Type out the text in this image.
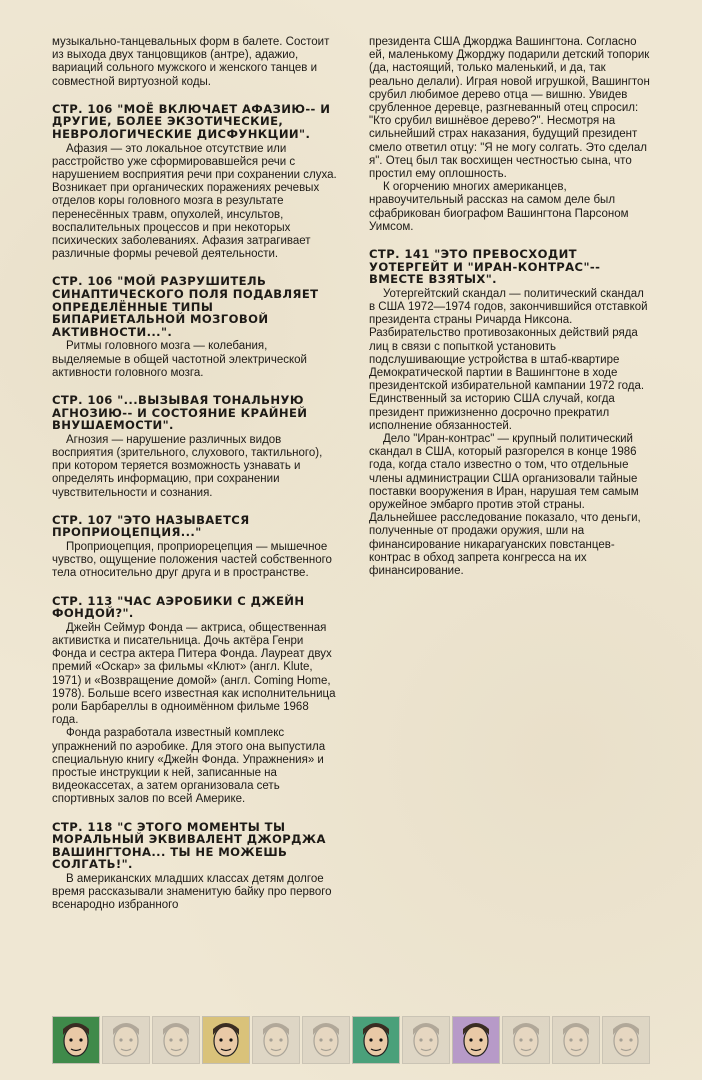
музыкально-танцевальных форм в балете. Состоит из выхода двух танцовщиков (антре), адажио, вариаций сольного мужского и женского танцев и совместной виртуозной коды.

СТР. 106 "МОЁ ВКЛЮЧАЕТ АФАЗИЮ-- И ДРУГИЕ, БОЛЕЕ ЭКЗОТИЧЕСКИЕ, НЕВРОЛОГИЧЕСКИЕ ДИСФУНКЦИИ".

Афазия — это локальное отсутствие или расстройство уже сформировавшейся речи с нарушением восприятия речи при сохранении слуха. Возникает при органических поражениях речевых отделов коры головного мозга в результате перенесённых травм, опухолей, инсультов, воспалительных процессов и при некоторых психических заболеваниях. Афазия затрагивает различные формы речевой деятельности.

СТР. 106 "МОЙ РАЗРУШИТЕЛЬ СИНАПТИЧЕСКОГО ПОЛЯ ПОДАВЛЯЕТ ОПРЕДЕЛЁННЫЕ ТИПЫ БИПАРИЕТАЛЬНОЙ МОЗГОВОЙ АКТИВНОСТИ...".

Ритмы головного мозга — колебания, выделяемые в общей частотной электрической активности головного мозга.

СТР. 106 "...ВЫЗЫВАЯ ТОНАЛЬНУЮ АГНОЗИЮ-- И СОСТОЯНИЕ КРАЙНЕЙ ВНУШАЕМОСТИ".

Агнозия — нарушение различных видов восприятия (зрительного, слухового, тактильного), при котором теряется возможность узнавать и определять информацию, при сохранении чувствительности и сознания.

СТР. 107 "ЭТО НАЗЫВАЕТСЯ ПРОПРИОЦЕПЦИЯ..."

Проприоцепция, проприорецепция — мышечное чувство, ощущение положения частей собственного тела относительно друг друга и в пространстве.

СТР. 113 "ЧАС АЭРОБИКИ С ДЖЕЙН ФОНДОЙ?".

Джейн Сеймур Фонда — актриса, общественная активистка и писательница. Дочь актёра Генри Фонда и сестра актера Питера Фонда. Лауреат двух премий «Оскар» за фильмы «Клют» (англ. Klute, 1971) и «Возвращение домой» (англ. Coming Home, 1978). Больше всего известная как исполнительница роли Барбареллы в одноимённом фильме 1968 года.

Фонда разработала известный комплекс упражнений по аэробике. Для этого она выпустила специальную книгу «Джейн Фонда. Упражнения» и простые инструкции к ней, записанные на видеокассетах, а затем организовала сеть спортивных залов по всей Америке.

СТР. 118 "С ЭТОГО МОМЕНТЫ ТЫ МОРАЛЬНЫЙ ЭКВИВАЛЕНТ ДЖОРДЖА ВАШИНГТОНА... ТЫ НЕ МОЖЕШЬ СОЛГАТЬ!".

В американских младших классах детям долгое время рассказывали знаменитую байку про первого всенародно избранного

президента США Джорджа Вашингтона. Согласно ей, маленькому Джорджу подарили детский топорик (да, настоящий, только маленький, и да, так реально делали). Играя новой игрушкой, Вашингтон срубил любимое дерево отца — вишню. Увидев срубленное деревце, разгневанный отец спросил: "Кто срубил вишнёвое дерево?". Несмотря на сильнейший страх наказания, будущий президент смело ответил отцу: "Я не могу солгать. Это сделал я". Отец был так восхищен честностью сына, что простил ему оплошность.

К огорчению многих американцев, нравоучительный рассказ на самом деле был сфабрикован биографом Вашингтона Парсоном Уимсом.

СТР. 141 "ЭТО ПРЕВОСХОДИТ УОТЕРГЕЙТ И "ИРАН-КОНТРАС"-- ВМЕСТЕ ВЗЯТЫХ".

Уотергейтский скандал — политический скандал в США 1972—1974 годов, закончившийся отставкой президента страны Ричарда Никсона. Разбирательство противозаконных действий ряда лиц в связи с попыткой установить подслушивающие устройства в штаб-квартире Демократической партии в Вашингтоне в ходе президентской избирательной кампании 1972 года. Единственный за историю США случай, когда президент прижизненно досрочно прекратил исполнение обязанностей.

Дело "Иран-контрас" — крупный политический скандал в США, который разгорелся в конце 1986 года, когда стало известно о том, что отдельные члены администрации США организовали тайные поставки вооружения в Иран, нарушая тем самым оружейное эмбарго против этой страны. Дальнейшее расследование показало, что деньги, полученные от продажи оружия, шли на финансирование никарагуанских повстанцев-контрас в обход запрета конгресса на их финансирование.
